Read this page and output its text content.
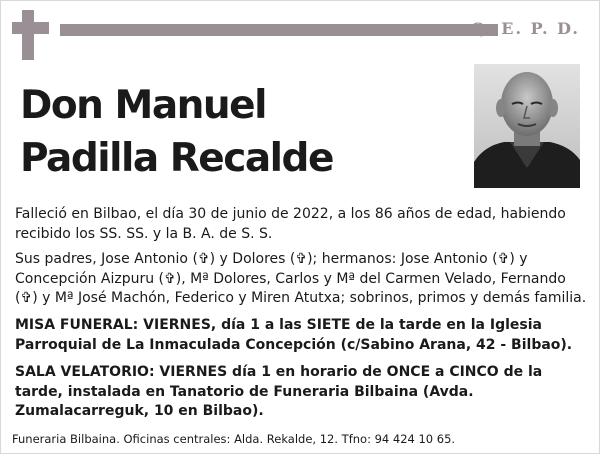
Q. E. P. D.
Don Manuel
Padilla Recalde
Falleció en Bilbao, el día 30 de junio de 2022, a los 86 años de edad, habiendo recibido los SS. SS. y la B. A. de S. S.
Sus padres, Jose Antonio (✞) y Dolores (✞); hermanos: Jose Antonio (✞) y Concepción Aizpuru (✞), Mª Dolores, Carlos y Mª del Carmen Velado, Fernando (✞) y Mª José Machón, Federico y Miren Atutxa; sobrinos, primos y demás familia.
MISA FUNERAL: VIERNES, día 1 a las SIETE de la tarde en la Iglesia Parroquial de La Inmaculada Concepción (c/Sabino Arana, 42 - Bilbao).
SALA VELATORIO: VIERNES día 1 en horario de ONCE a CINCO de la tarde, instalada en Tanatorio de Funeraria Bilbaina (Avda. Zumalacarreguk, 10 en Bilbao).
Funeraria Bilbaina. Oficinas centrales: Alda. Rekalde, 12. Tfno: 94 424 10 65.
